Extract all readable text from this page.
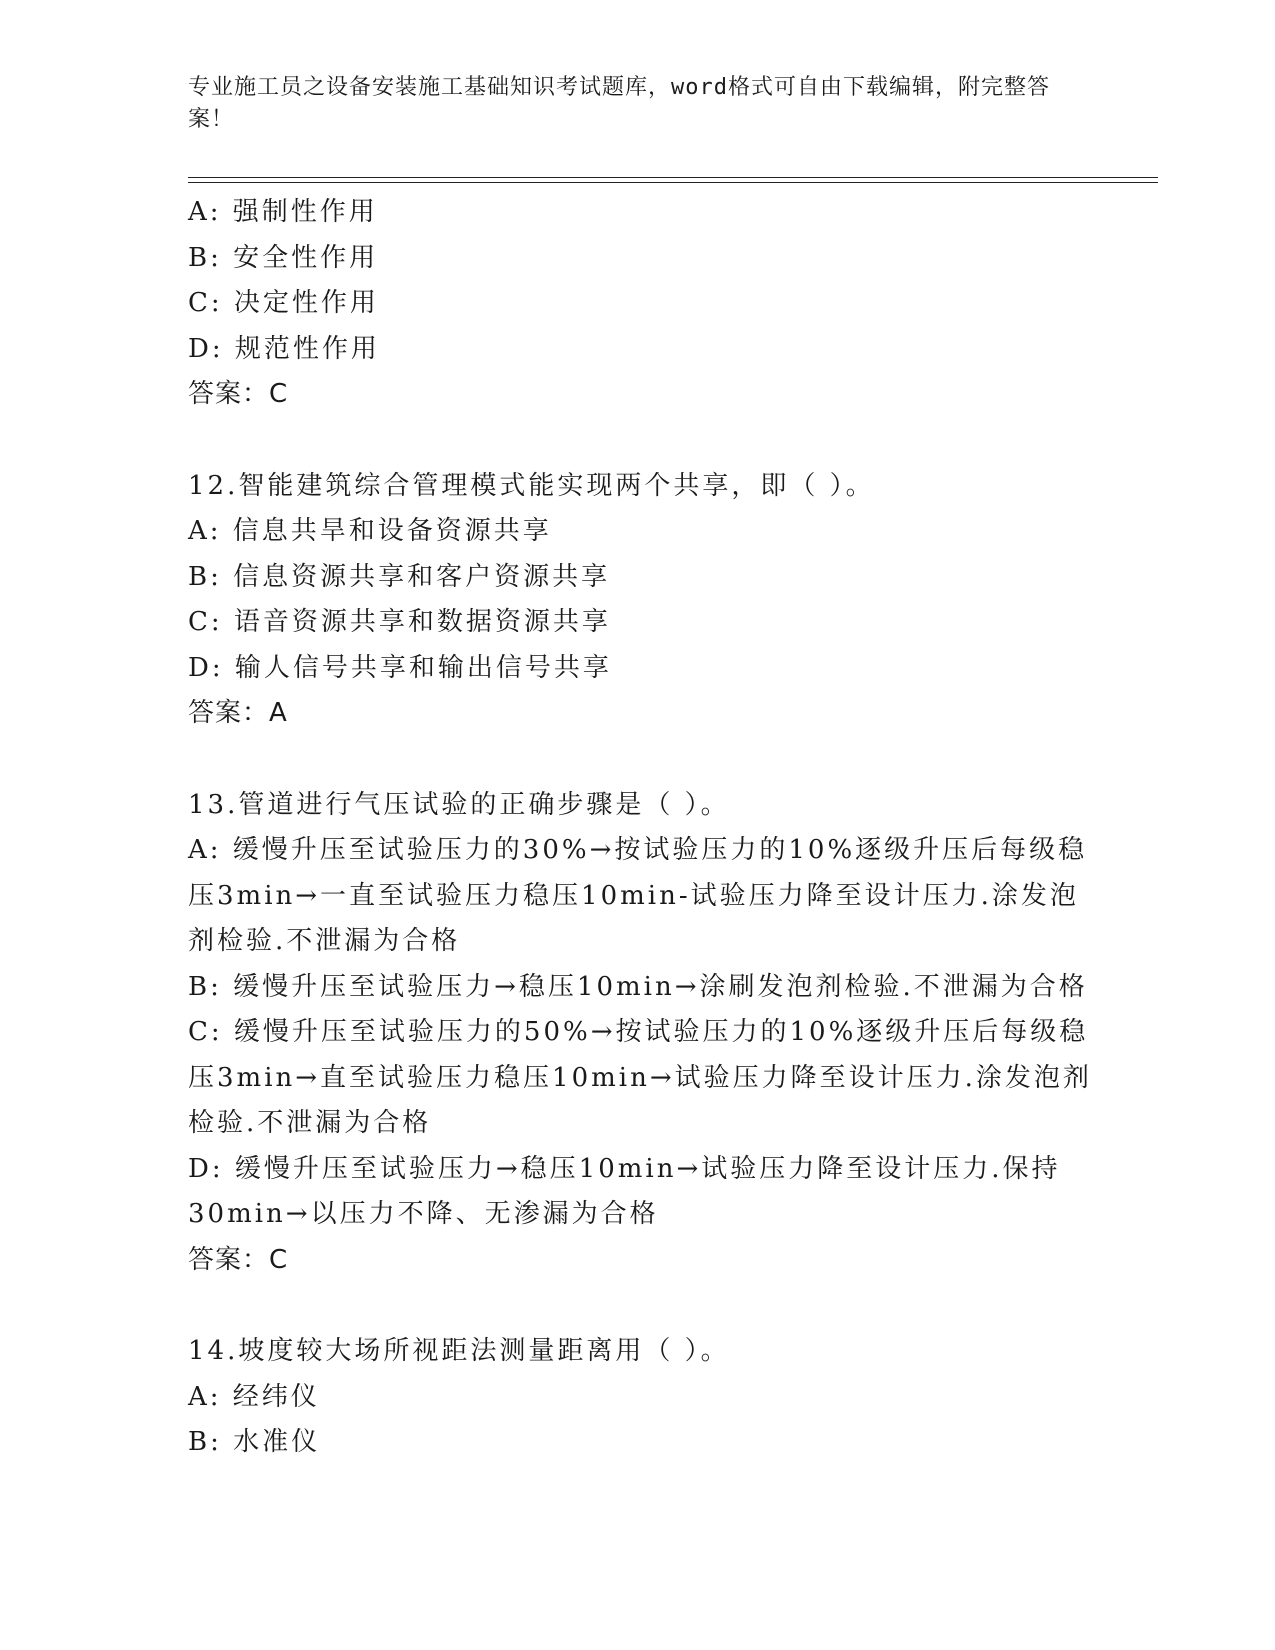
专业施工员之设备安装施工基础知识考试题库，word格式可自由下载编辑，附完整答案！
A: 强制性作用
B: 安全性作用
C: 决定性作用
D: 规范性作用
答案：C
12.智能建筑综合管理模式能实现两个共享，即（ ）。
A: 信息共旱和设备资源共享
B: 信息资源共享和客户资源共享
C: 语音资源共享和数据资源共享
D: 输人信号共享和输出信号共享
答案：A
13.管道进行气压试验的正确步骤是（ ）。
A: 缓慢升压至试验压力的30%→按试验压力的10%逐级升压后每级稳
压3min→一直至试验压力稳压10min-试验压力降至设计压力.涂发泡
剂检验.不泄漏为合格
B: 缓慢升压至试验压力→稳压10min→涂刷发泡剂检验.不泄漏为合格
C: 缓慢升压至试验压力的50%→按试验压力的10%逐级升压后每级稳
压3min→直至试验压力稳压10min→试验压力降至设计压力.涂发泡剂
检验.不泄漏为合格
D: 缓慢升压至试验压力→稳压10min→试验压力降至设计压力.保持
30min→以压力不降、无渗漏为合格
答案：C
14.坡度较大场所视距法测量距离用（ ）。
A: 经纬仪
B: 水准仪
